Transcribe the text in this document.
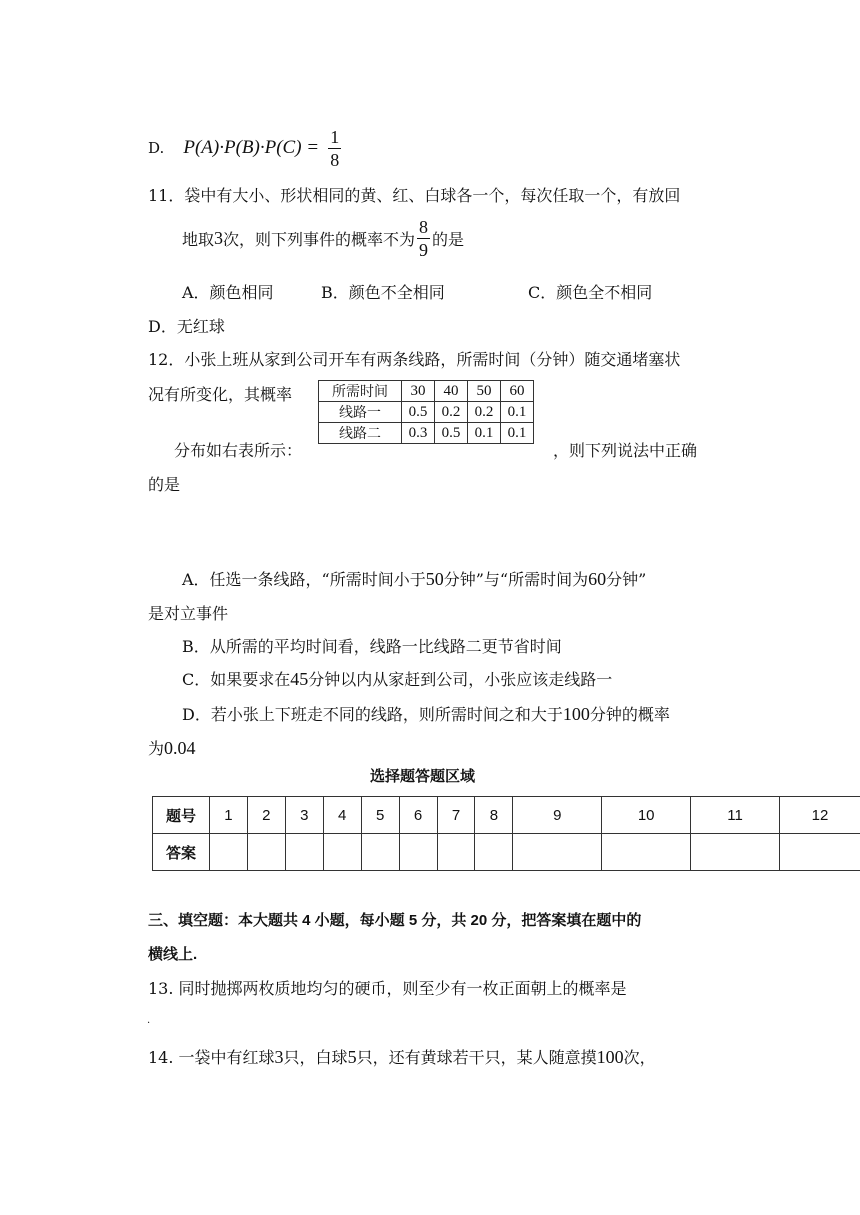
D. $P(A)\cdot P(B)\cdot P(C) = \frac{1}{8}$
11．袋中有大小、形状相同的黄、红、白球各一个，每次任取一个，有放回
地取 3 次，则下列事件的概率不为 $\frac{8}{9}$ 的是
A．颜色相同	B．颜色不全相同	C．颜色全不相同
D．无红球
12．小张上班从家到公司开车有两条线路，所需时间（分钟）随交通堵塞状
况有所变化，其概率
分布如右表所示：	，则下列说法中正确
的是
所需时间	30	40	50	60
线路一	0.5	0.2	0.2	0.1
线路二	0.3	0.5	0.1	0.1
A．任选一条线路，“所需时间小于50分钟”与“所需时间为60分钟”
是对立事件
B．从所需的平均时间看，线路一比线路二更节省时间
C．如果要求在45分钟以内从家赶到公司，小张应该走线路一
D．若小张上下班走不同的线路，则所需时间之和大于100分钟的概率
为0.04
选择题答题区域
题号	1	2	3	4	5	6	7	8	9	10	11	12
答案												
三、填空题：本大题共 4 小题，每小题 5 分，共 20 分，把答案填在题中的
横线上.
13. 同时抛掷两枚质地均匀的硬币，则至少有一枚正面朝上的概率是
.
14. 一袋中有红球3只，白球5只，还有黄球若干只，某人随意摸100次，
